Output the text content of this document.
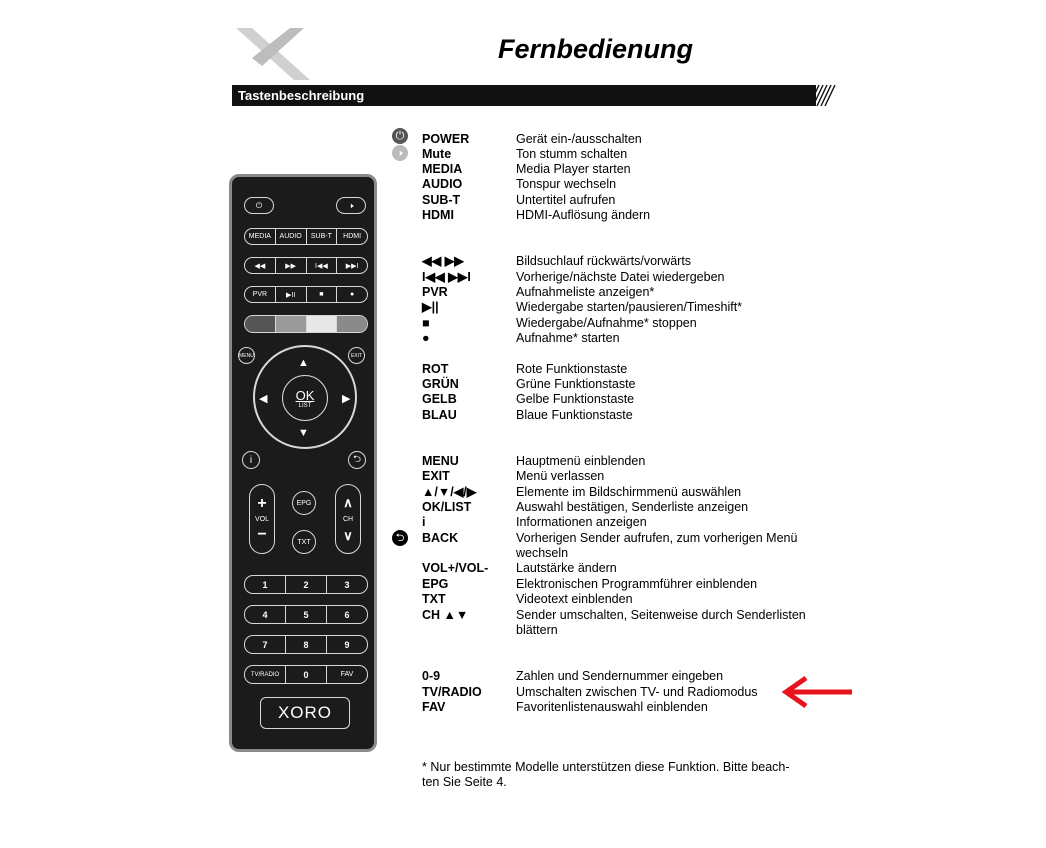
Fernbedienung
Tastenbeschreibung
⏻	🕨
MEDIA	AUDIO	SUB-T	HDMI
◀◀	▶▶	I◀◀	▶▶I
PVR	▶II	■	●
MENU	EXIT
OK
LIST
▲
▼
◀	▶
i	⮌
+
VOL
−
∧
CH
∨
EPG
TXT
1	2	3
4	5	6
7	8	9
TV/RADIO	0	FAV
XORO
⏻
🕨
⮌
POWER	Gerät ein-/ausschalten
Mute	Ton stumm schalten
MEDIA	Media Player starten
AUDIO	Tonspur wechseln
SUB-T	Untertitel aufrufen
HDMI	HDMI-Auflösung ändern
◀◀ ▶▶	Bildsuchlauf rückwärts/vorwärts
I◀◀ ▶▶I	Vorherige/nächste Datei wiedergeben
PVR	Aufnahmeliste anzeigen*
▶||	Wiedergabe starten/pausieren/Timeshift*
■	Wiedergabe/Aufnahme* stoppen
●	Aufnahme* starten
ROT	Rote Funktionstaste
GRÜN	Grüne Funktionstaste
GELB	Gelbe Funktionstaste
BLAU	Blaue Funktionstaste
MENU	Hauptmenü einblenden
EXIT	Menü verlassen
▲/▼/◀/▶	Elemente im Bildschirmmenü auswählen
OK/LIST	Auswahl bestätigen, Senderliste anzeigen
i	Informationen anzeigen
BACK	Vorherigen Sender aufrufen, zum vorherigen Menü
wechseln
VOL+/VOL- Lautstärke ändern
EPG	Elektronischen Programmführer einblenden
TXT	Videotext einblenden
CH ▲▼	Sender umschalten, Seitenweise durch Senderlisten
blättern
0-9	Zahlen und Sendernummer eingeben
TV/RADIO	Umschalten zwischen TV- und Radiomodus
FAV	Favoritenlistenauswahl einblenden
* Nur bestimmte Modelle unterstützen diese Funktion. Bitte beach-
ten Sie Seite 4.
